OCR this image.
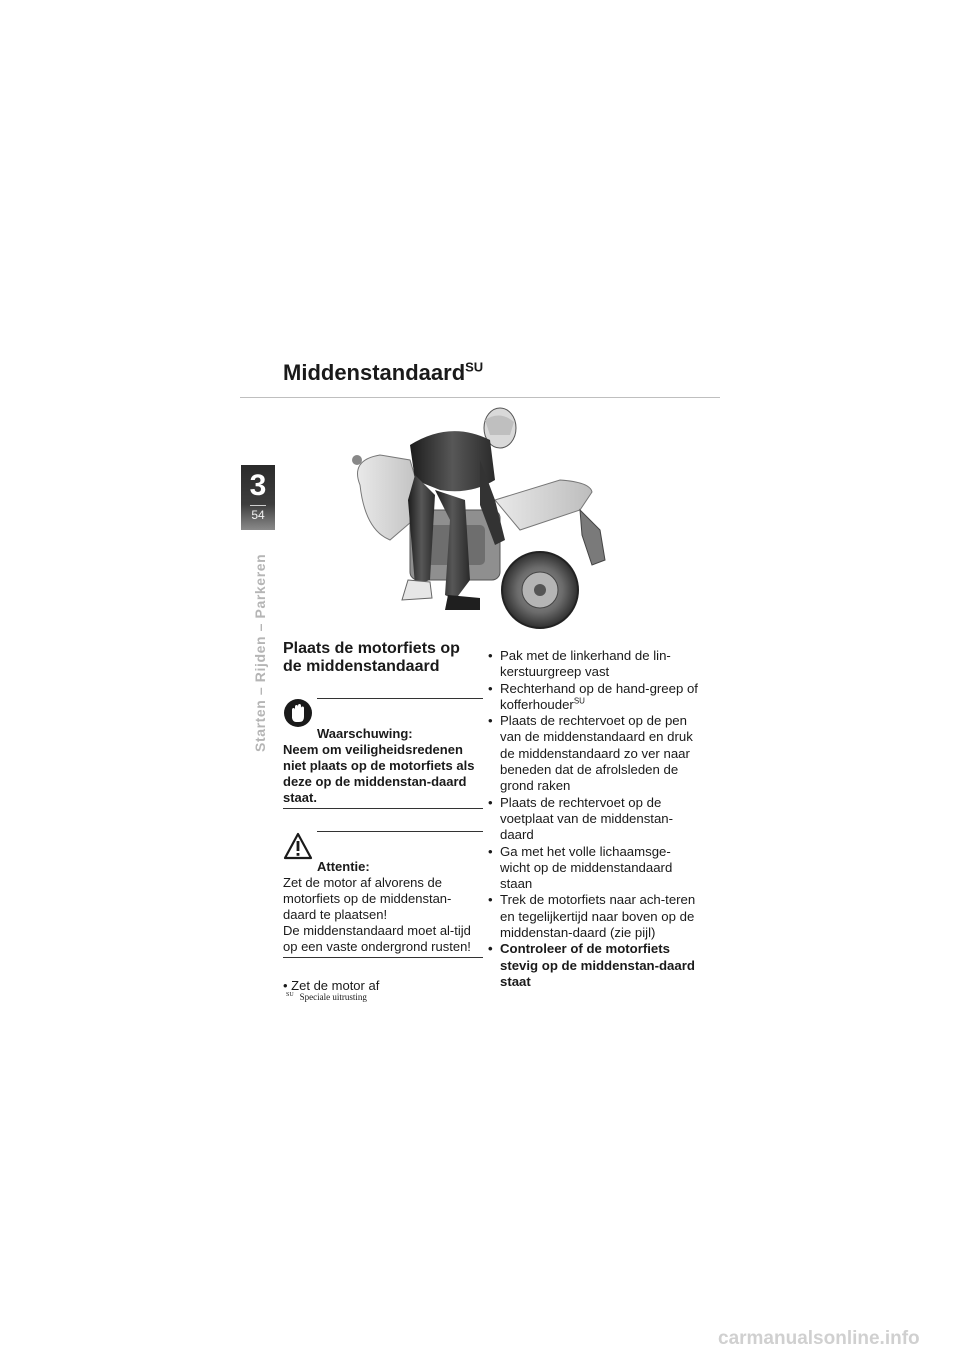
Middenstandaard$^{SU}$
3
54
Starten – Rijden – Parkeren Plaats de motorfiets op de middenstandaard
Waarschuwing:
Neem om veiligheidsredenen niet plaats op de motorfiets als deze op de middenstan-daard staat.
Attentie:
Zet de motor af alvorens de motorfiets op de middenstan-daard te plaatsen!
De middenstandaard moet al-tijd op een vaste ondergrond rusten!
• Zet de motor af
$^{SU}$ Speciale uitrusting
• Pak met de linkerhand de lin-kerstuurgreep vast
• Rechterhand op de hand-greep of kofferhouder$^{SU}$
• Plaats de rechtervoet op de pen van de middenstandaard en druk de middenstandaard zo ver naar beneden dat de afrolsleden de grond raken
• Plaats de rechtervoet op de voetplaat van de middenstan-daard
• Ga met het volle lichaamsge-wicht op de middenstandaard staan
• Trek de motorfiets naar ach-teren en tegelijkertijd naar boven op de middenstan-daard (zie pijl)
• Controleer of de motorfiets stevig op de middenstan-daard staat
carmanualsonline.info
